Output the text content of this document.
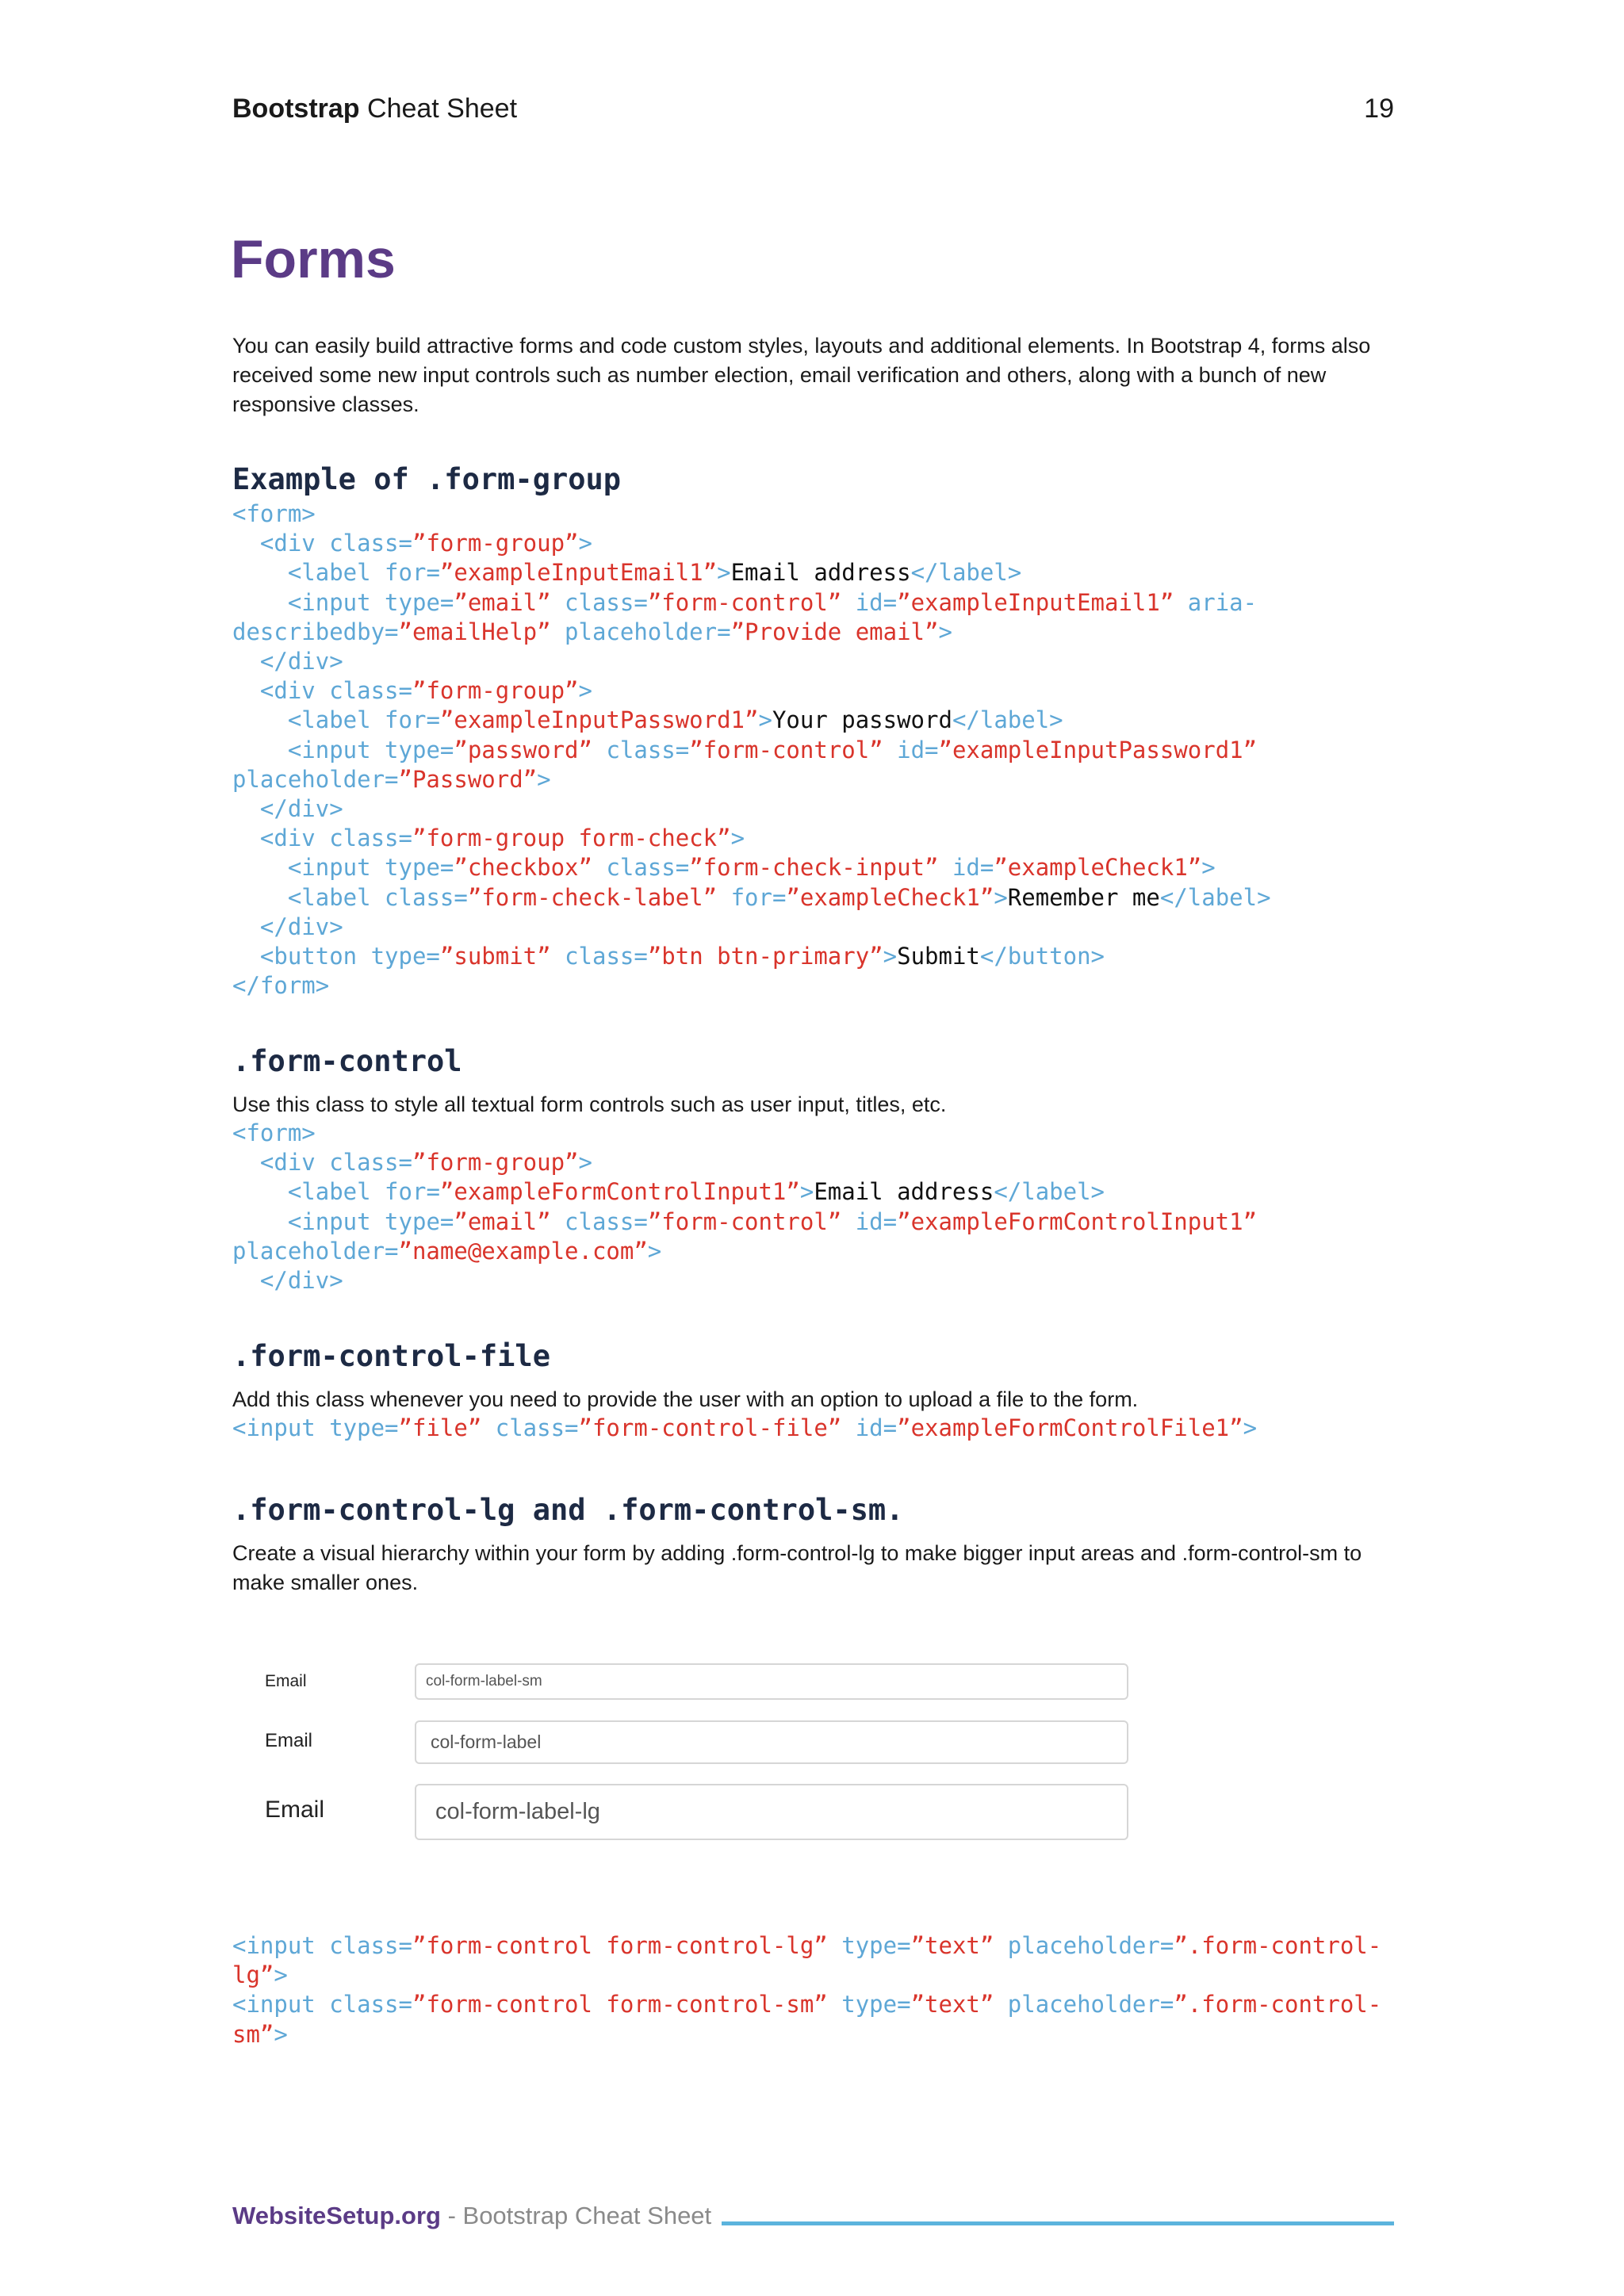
Bootstrap Cheat Sheet	19
Forms

You can easily build attractive forms and code custom styles, layouts and additional elements. In Bootstrap 4, forms also received some new input controls such as number election, email verification and others, along with a bunch of new responsive classes.

Example of .form-group
<form>
<div class=”form-group”>
<label for=”exampleInputEmail1”>Email address</label>
<input type=”email” class=”form-control” id=”exampleInputEmail1” aria-
describedby=”emailHelp” placeholder=”Provide email”>
</div>
<div class=”form-group”>
<label for=”exampleInputPassword1”>Your password</label>
<input type=”password” class=”form-control” id=”exampleInputPassword1”
placeholder=”Password”>
</div>
<div class=”form-group form-check”>
<input type=”checkbox” class=”form-check-input” id=”exampleCheck1”>
<label class=”form-check-label” for=”exampleCheck1”>Remember me</label>
</div>
<button type=”submit” class=”btn btn-primary”>Submit</button>
</form>
.form-control

Use this class to style all textual form controls such as user input, titles, etc.

<form>
<div class=”form-group”>
<label for=”exampleFormControlInput1”>Email address</label>
<input type=”email” class=”form-control” id=”exampleFormControlInput1”
placeholder=”name@example.com”>
</div>
.form-control-file

Add this class whenever you need to provide the user with an option to upload a file to the form.

<input type=”file” class=”form-control-file” id=”exampleFormControlFile1”>
.form-control-lg and .form-control-sm.

Create a visual hierarchy within your form by adding .form-control-lg to make bigger input areas and .form-control-sm to make smaller ones.

Email	col-form-label-sm
Email	col-form-label
Email	col-form-label-lg
<input class=”form-control form-control-lg” type=”text” placeholder=”.form-control-
lg”>
<input class=”form-control form-control-sm” type=”text” placeholder=”.form-control-
sm”>
WebsiteSetup.org - Bootstrap Cheat Sheet
